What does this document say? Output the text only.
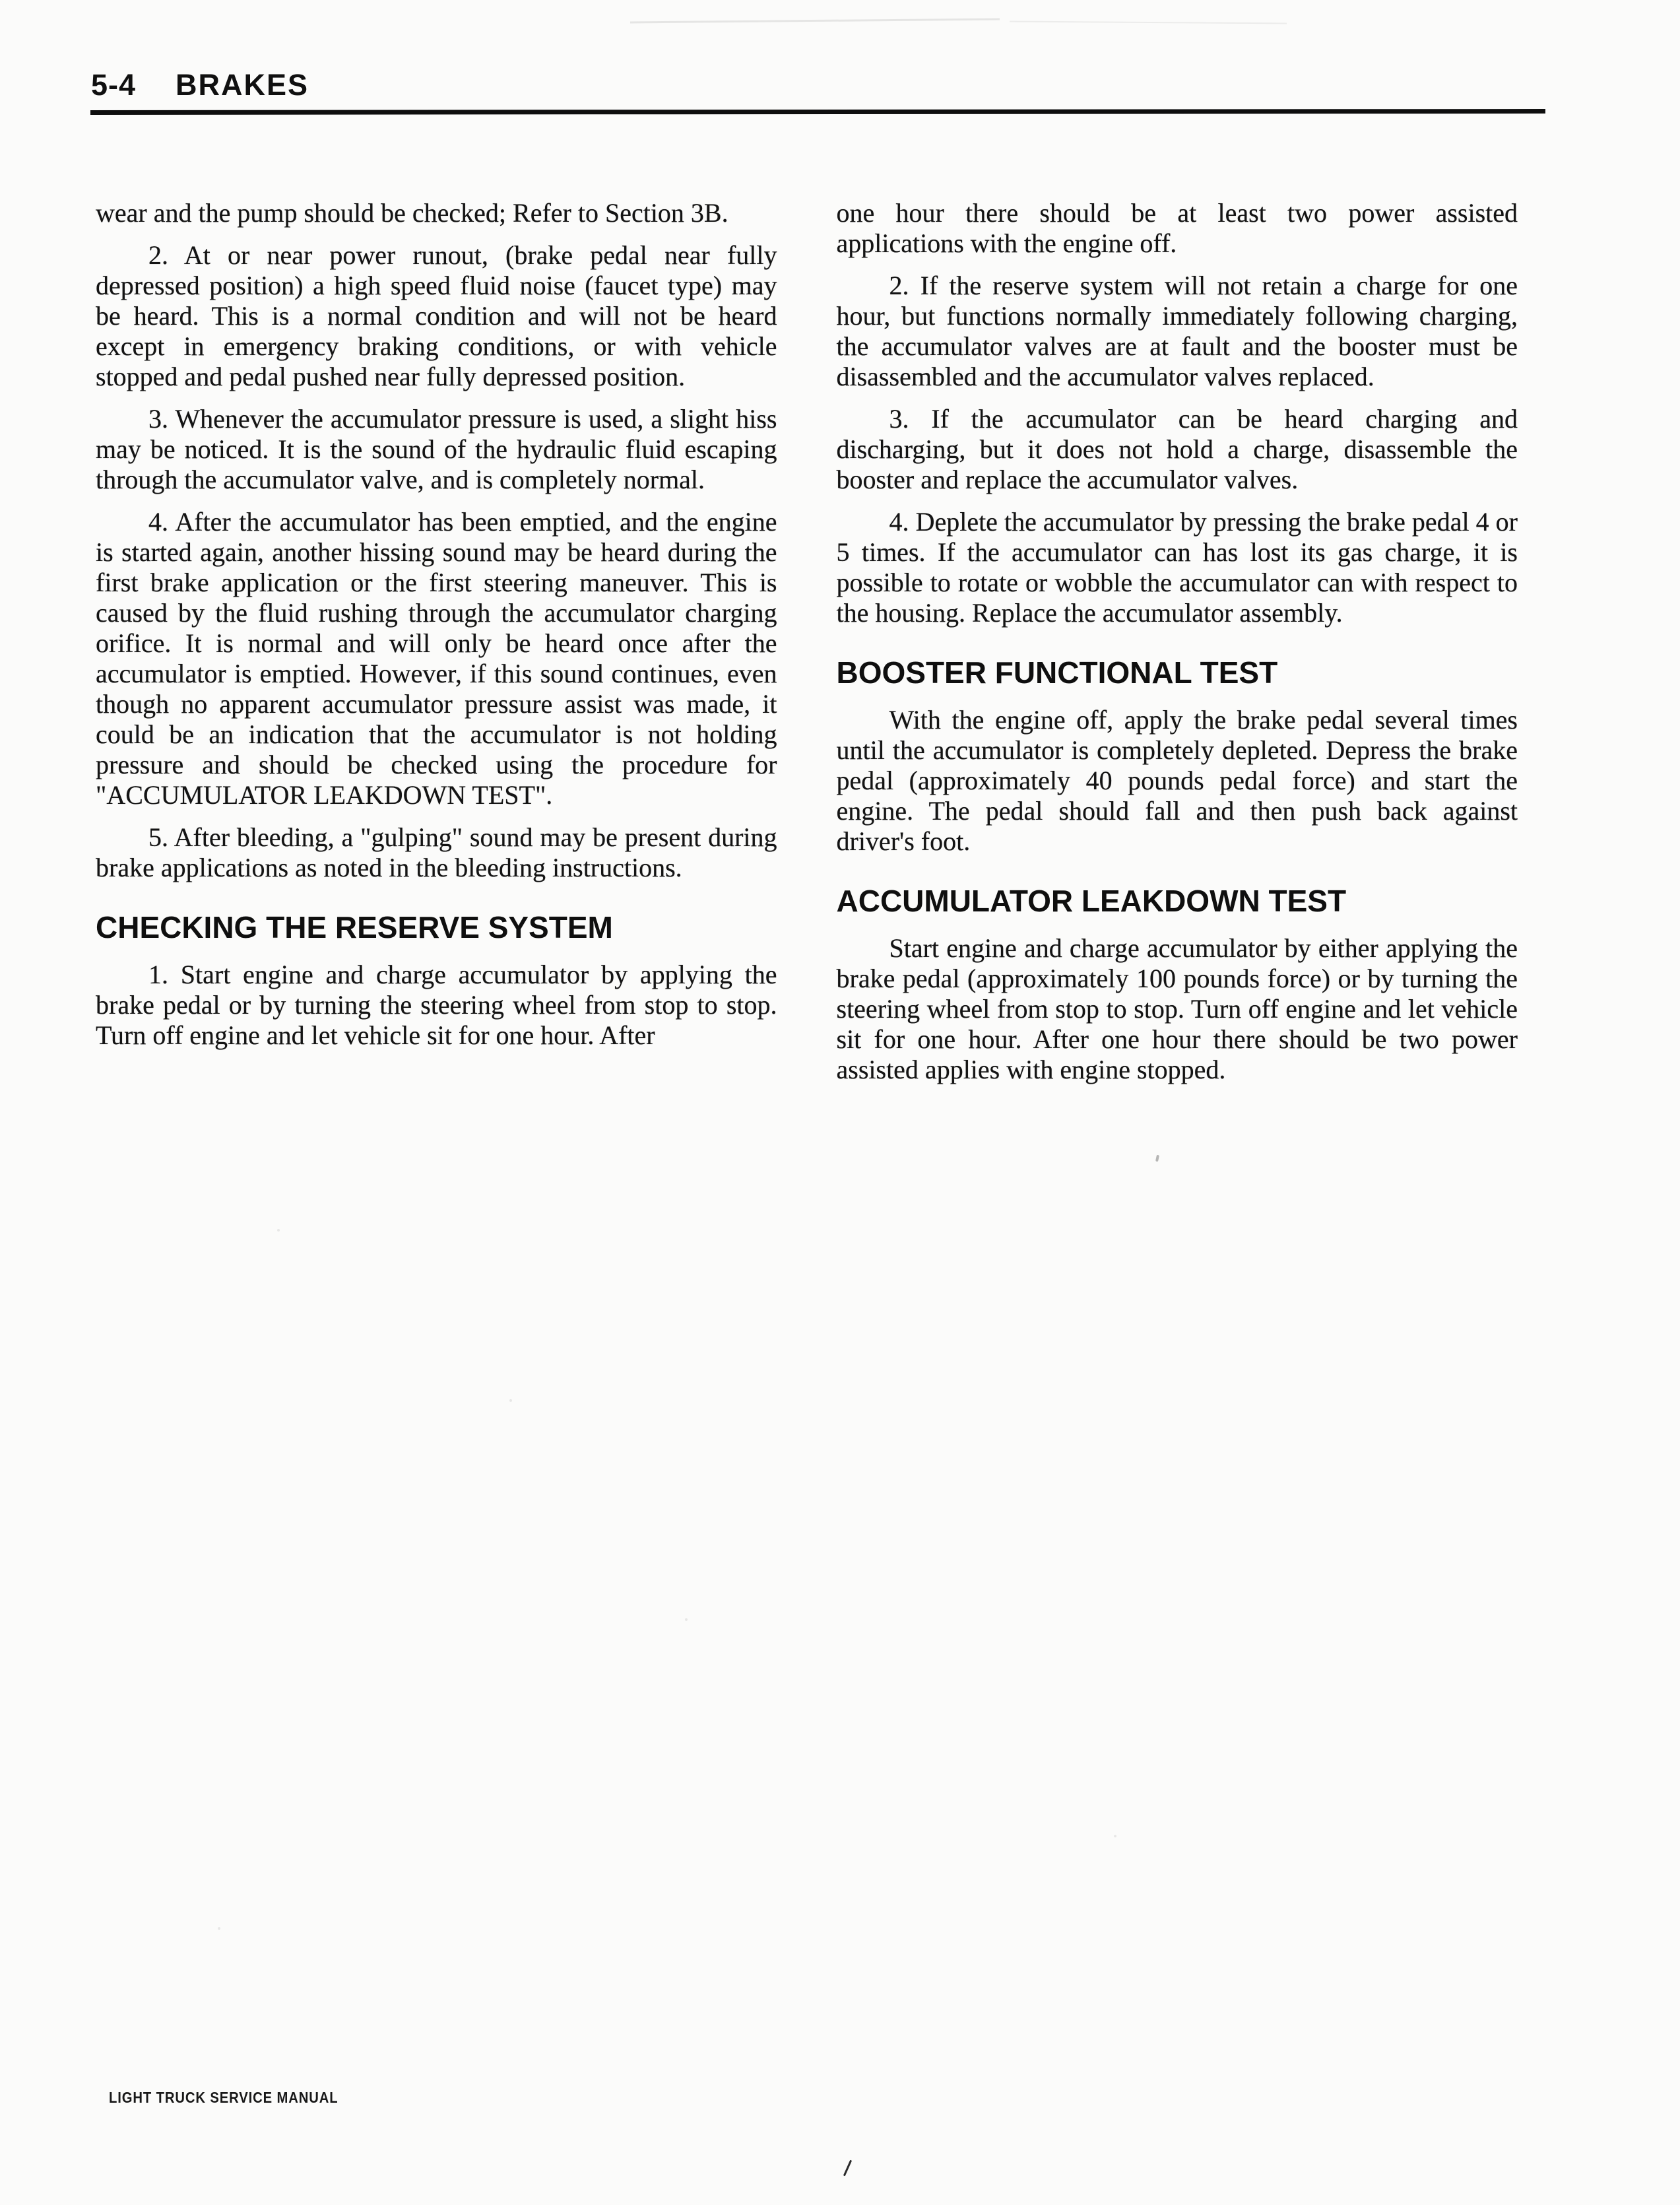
5-4 BRAKES

wear and the pump should be checked; Refer to Section 3B.

2. At or near power runout, (brake pedal near fully depressed position) a high speed fluid noise (faucet type) may be heard. This is a normal condition and will not be heard except in emergency braking conditions, or with vehicle stopped and pedal pushed near fully depressed position.

3. Whenever the accumulator pressure is used, a slight hiss may be noticed. It is the sound of the hydraulic fluid escaping through the accumulator valve, and is completely normal.

4. After the accumulator has been emptied, and the engine is started again, another hissing sound may be heard during the first brake application or the first steering maneuver. This is caused by the fluid rushing through the accumulator charging orifice. It is normal and will only be heard once after the accumulator is emptied. However, if this sound continues, even though no apparent accumulator pressure assist was made, it could be an indication that the accumulator is not holding pressure and should be checked using the procedure for "ACCUMULATOR LEAKDOWN TEST".

5. After bleeding, a "gulping" sound may be present during brake applications as noted in the bleeding instructions.

CHECKING THE RESERVE SYSTEM

1. Start engine and charge accumulator by applying the brake pedal or by turning the steering wheel from stop to stop. Turn off engine and let vehicle sit for one hour. After

one hour there should be at least two power assisted applications with the engine off.

2. If the reserve system will not retain a charge for one hour, but functions normally immediately following charging, the accumulator valves are at fault and the booster must be disassembled and the accumulator valves replaced.

3. If the accumulator can be heard charging and discharging, but it does not hold a charge, disassemble the booster and replace the accumulator valves.

4. Deplete the accumulator by pressing the brake pedal 4 or 5 times. If the accumulator can has lost its gas charge, it is possible to rotate or wobble the accumulator can with respect to the housing. Replace the accumulator assembly.

BOOSTER FUNCTIONAL TEST

With the engine off, apply the brake pedal several times until the accumulator is completely depleted. Depress the brake pedal (approximately 40 pounds pedal force) and start the engine. The pedal should fall and then push back against driver's foot.

ACCUMULATOR LEAKDOWN TEST

Start engine and charge accumulator by either applying the brake pedal (approximately 100 pounds force) or by turning the steering wheel from stop to stop. Turn off engine and let vehicle sit for one hour. After one hour there should be two power assisted applies with engine stopped.

LIGHT TRUCK SERVICE MANUAL
